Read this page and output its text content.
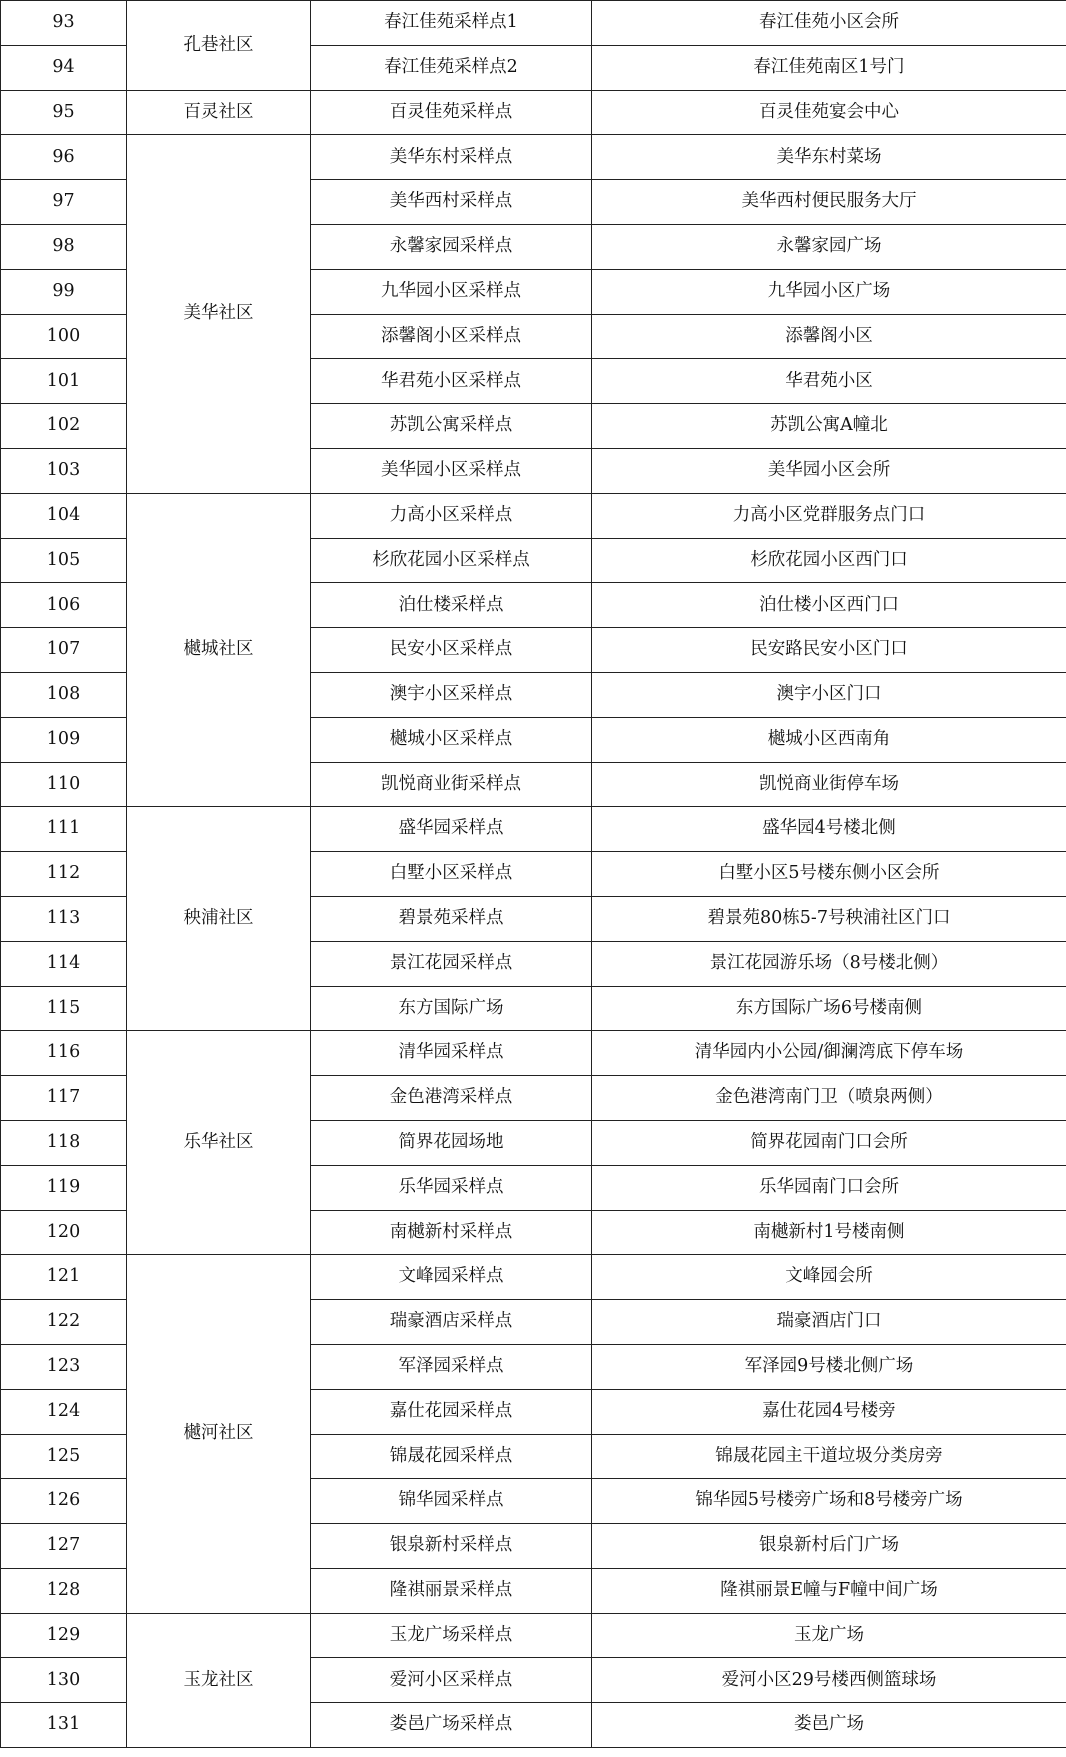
93	孔巷社区	春江佳苑采样点1	春江佳苑小区会所
94		春江佳苑采样点2	春江佳苑南区1号门
95	百灵社区	百灵佳苑采样点	百灵佳苑宴会中心
96	美华社区	美华东村采样点	美华东村菜场
97		美华西村采样点	美华西村便民服务大厅
98		永馨家园采样点	永馨家园广场
99		九华园小区采样点	九华园小区广场
100		添馨阁小区采样点	添馨阁小区
101		华君苑小区采样点	华君苑小区
102		苏凯公寓采样点	苏凯公寓A幢北
103		美华园小区采样点	美华园小区会所
104	樾城社区	力高小区采样点	力高小区党群服务点门口
105		杉欣花园小区采样点	杉欣花园小区西门口
106		泊仕楼采样点	泊仕楼小区西门口
107		民安小区采样点	民安路民安小区门口
108		澳宇小区采样点	澳宇小区门口
109		樾城小区采样点	樾城小区西南角
110		凯悦商业街采样点	凯悦商业街停车场
111	秧浦社区	盛华园采样点	盛华园4号楼北侧
112		白墅小区采样点	白墅小区5号楼东侧小区会所
113		碧景苑采样点	碧景苑80栋5-7号秧浦社区门口
114		景江花园采样点	景江花园游乐场（8号楼北侧）
115		东方国际广场	东方国际广场6号楼南侧
116	乐华社区	清华园采样点	清华园内小公园/御澜湾底下停车场
117		金色港湾采样点	金色港湾南门卫（喷泉两侧）
118		简界花园场地	简界花园南门口会所
119		乐华园采样点	乐华园南门口会所
120		南樾新村采样点	南樾新村1号楼南侧
121	樾河社区	文峰园采样点	文峰园会所
122		瑞豪酒店采样点	瑞豪酒店门口
123		军泽园采样点	军泽园9号楼北侧广场
124		嘉仕花园采样点	嘉仕花园4号楼旁
125		锦晟花园采样点	锦晟花园主干道垃圾分类房旁
126		锦华园采样点	锦华园5号楼旁广场和8号楼旁广场
127		银泉新村采样点	银泉新村后门广场
128		隆祺丽景采样点	隆祺丽景E幢与F幢中间广场
129	玉龙社区	玉龙广场采样点	玉龙广场
130		爱河小区采样点	爱河小区29号楼西侧篮球场
131		娄邑广场采样点	娄邑广场
